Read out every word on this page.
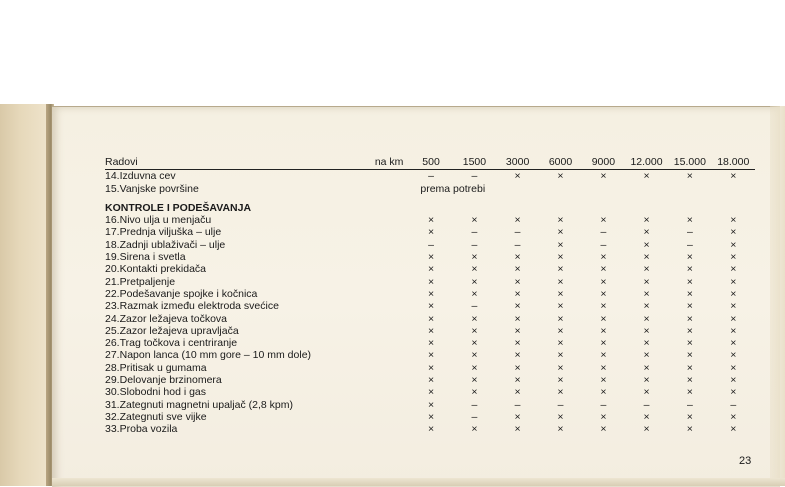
Radovi	na km	500	1500	3000	6000	9000	12.000	15.000	18.000
14.Izduvna cev		–	–	×	×	×	×	×	×
15.Vanjske površine		prema potrebi							
KONTROLE I PODEŠAVANJA									
16.Nivo ulja u menjaču		×	×	×	×	×	×	×	×
17.Prednja viljuška – ulje		×	–	–	×	–	×	–	×
18.Zadnji ublaživači – ulje		–	–	–	×	–	×	–	×
19.Sirena i svetla		×	×	×	×	×	×	×	×
20.Kontakti prekidača		×	×	×	×	×	×	×	×
21.Pretpaljenje		×	×	×	×	×	×	×	×
22.Podešavanje spojke i kočnica		×	×	×	×	×	×	×	×
23.Razmak između elektroda svećice		×	–	×	×	×	×	×	×
24.Zazor ležajeva točkova		×	×	×	×	×	×	×	×
25.Zazor ležajeva upravljača		×	×	×	×	×	×	×	×
26.Trag točkova i centriranje		×	×	×	×	×	×	×	×
27.Napon lanca (10 mm gore – 10 mm dole)		×	×	×	×	×	×	×	×
28.Pritisak u gumama		×	×	×	×	×	×	×	×
29.Delovanje brzinomera		×	×	×	×	×	×	×	×
30.Slobodni hod i gas		×	×	×	×	×	×	×	×
31.Zategnuti magnetni upaljač (2,8 kpm)		×	–	–	–	–	–	–	–
32.Zategnuti sve vijke		×	–	×	×	×	×	×	×
33.Proba vozila		×	×	×	×	×	×	×	×
23
